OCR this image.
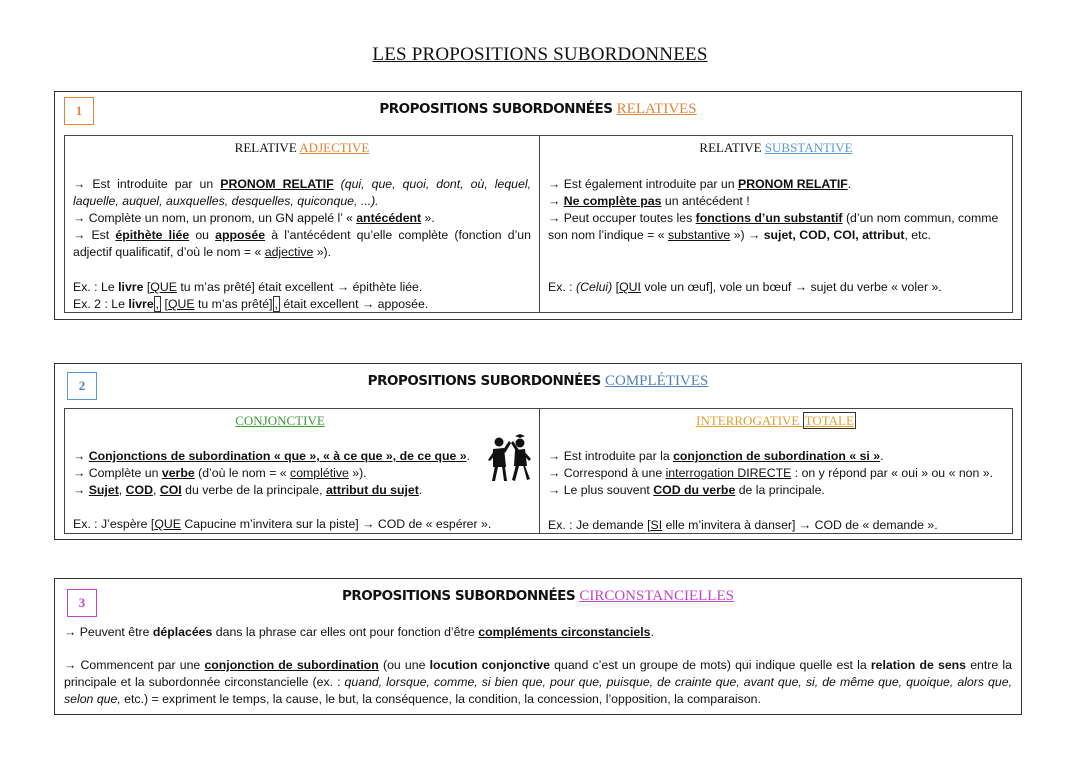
LES PROPOSITIONS SUBORDONNEES
1	PROPOSITIONS SUBORDONNÉES RELATIVES
RELATIVE ADJECTIVE

→ Est introduite par un PRONOM RELATIF (qui, que, quoi, dont, où, lequel, laquelle, auquel, auxquelles, desquelles, quiconque, ...).

→ Complète un nom, un pronom, un GN appelé l’ « antécédent ».

→ Est épithète liée ou apposée à l’antécédent qu’elle complète (fonction d’un adjectif qualificatif, d’où le nom = « adjective »).

Ex. : Le livre [QUE tu m’as prêté] était excellent → épithète liée.
Ex. 2 : Le livre , [QUE tu m’as prêté] , était excellent → apposée.
RELATIVE SUBSTANTIVE

→ Est également introduite par un PRONOM RELATIF.

→ Ne complète pas un antécédent !

→ Peut occuper toutes les fonctions d’un substantif (d’un nom commun, comme son nom l’indique = « substantive ») → sujet, COD, COI, attribut, etc.

Ex. : (Celui) [QUI vole un œuf], vole un bœuf → sujet du verbe « voler ».
2	PROPOSITIONS SUBORDONNÉES COMPLÉTIVES
CONJONCTIVE

→ Conjonctions de subordination « que », « à ce que », de ce que ».

→ Complète un verbe (d’où le nom = « complétive »).

→ Sujet, COD, COI du verbe de la principale, attribut du sujet.

Ex. : J’espère [QUE Capucine m’invitera sur la piste] → COD de « espérer ».
INTERROGATIVE TOTALE

→ Est introduite par la conjonction de subordination « si ».

→ Correspond à une interrogation DIRECTE : on y répond par « oui » ou « non ».

→ Le plus souvent COD du verbe de la principale.

Ex. : Je demande [SI elle m’invitera à danser] → COD de « demande ».
3	PROPOSITIONS SUBORDONNÉES CIRCONSTANCIELLES

→ Peuvent être déplacées dans la phrase car elles ont pour fonction d’être compléments circonstanciels.

→ Commencent par une conjonction de subordination (ou une locution conjonctive quand c’est un groupe de mots) qui indique quelle est la relation de sens entre la principale et la subordonnée circonstancielle (ex. : quand, lorsque, comme, si bien que, pour que, puisque, de crainte que, avant que, si, de même que, quoique, alors que, selon que, etc.) = expriment le temps, la cause, le but, la conséquence, la condition, la concession, l’opposition, la comparaison.
